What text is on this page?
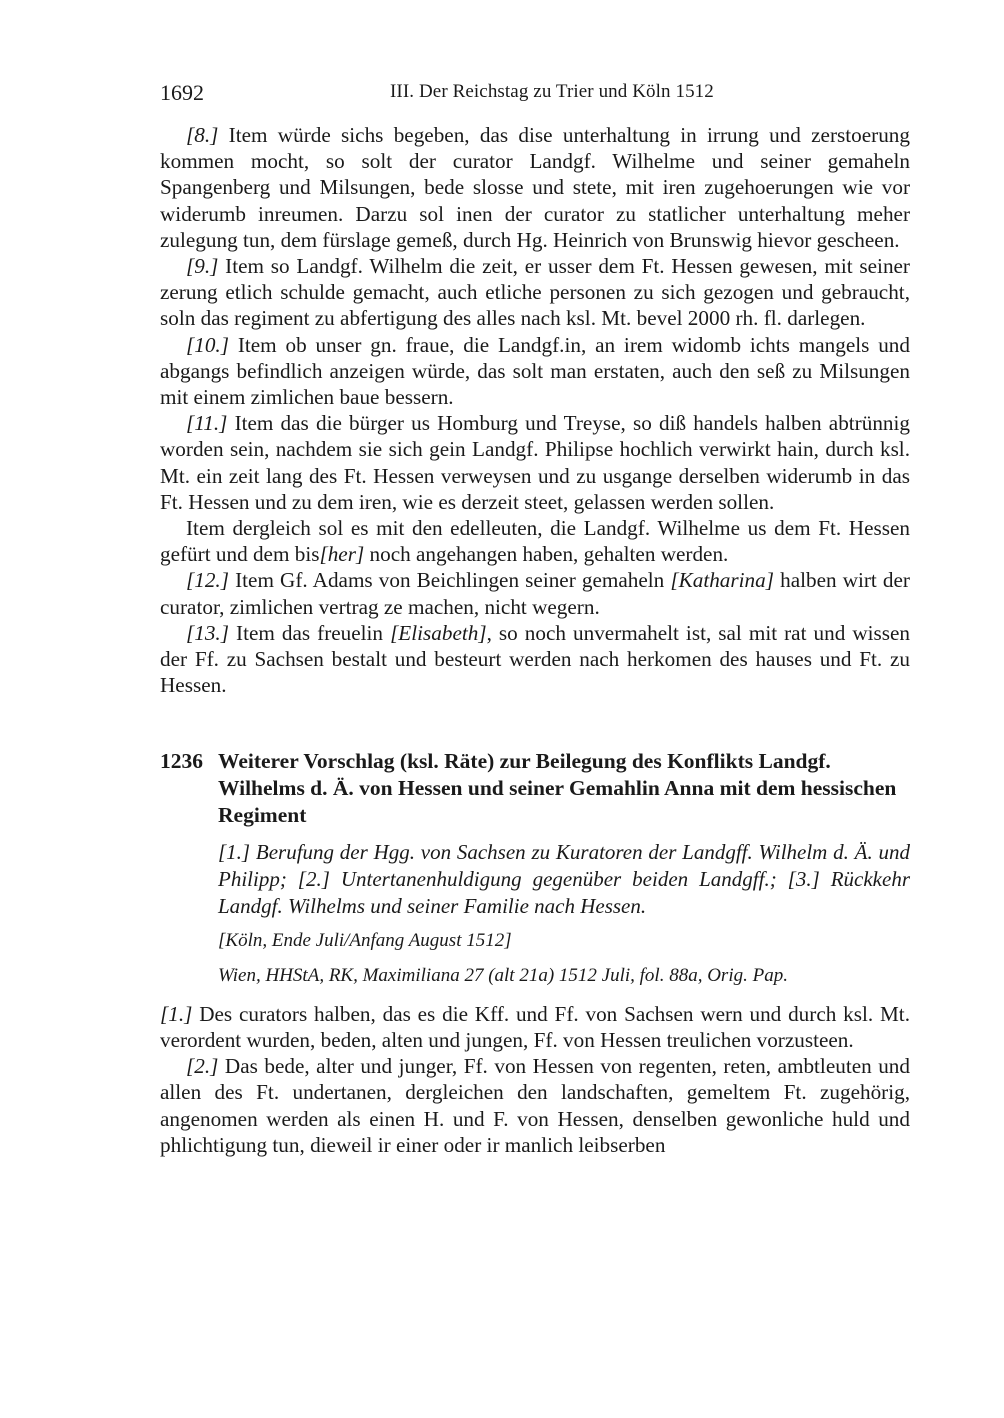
1692	III. Der Reichstag zu Trier und Köln 1512

[8.] Item würde sichs begeben, das dise unterhaltung in irrung und zerstoerung kommen mocht, so solt der curator Landgf. Wilhelme und seiner gemaheln Spangenberg und Milsungen, bede slosse und stete, mit iren zugehoerungen wie vor widerumb inreumen. Darzu sol inen der curator zu statlicher unterhaltung meher zulegung tun, dem fürslage gemeß, durch Hg. Heinrich von Brunswig hievor gescheen.

[9.] Item so Landgf. Wilhelm die zeit, er usser dem Ft. Hessen gewesen, mit seiner zerung etlich schulde gemacht, auch etliche personen zu sich gezogen und gebraucht, soln das regiment zu abfertigung des alles nach ksl. Mt. bevel 2000 rh. fl. darlegen.

[10.] Item ob unser gn. fraue, die Landgf.in, an irem widomb ichts mangels und abgangs befindlich anzeigen würde, das solt man erstaten, auch den seß zu Milsungen mit einem zimlichen baue bessern.

[11.] Item das die bürger us Homburg und Treyse, so diß handels halben abtrünnig worden sein, nachdem sie sich gein Landgf. Philipse hochlich verwirkt hain, durch ksl. Mt. ein zeit lang des Ft. Hessen verweysen und zu usgange derselben widerumb in das Ft. Hessen und zu dem iren, wie es derzeit steet, gelassen werden sollen.

Item dergleich sol es mit den edelleuten, die Landgf. Wilhelme us dem Ft. Hessen gefürt und dem bis[her] noch angehangen haben, gehalten werden.

[12.] Item Gf. Adams von Beichlingen seiner gemaheln [Katharina] halben wirt der curator, zimlichen vertrag ze machen, nicht wegern.

[13.] Item das freuelin [Elisabeth], so noch unvermahelt ist, sal mit rat und wissen der Ff. zu Sachsen bestalt und besteurt werden nach herkomen des hauses und Ft. zu Hessen.

1236 Weiterer Vorschlag (ksl. Räte) zur Beilegung des Konflikts Landgf. Wilhelms d. Ä. von Hessen und seiner Gemahlin Anna mit dem hessischen Regiment
[1.] Berufung der Hgg. von Sachsen zu Kuratoren der Landgff. Wilhelm d. Ä. und Philipp; [2.] Untertanenhuldigung gegenüber beiden Landgff.; [3.] Rückkehr Landgf. Wilhelms und seiner Familie nach Hessen.
[Köln, Ende Juli/Anfang August 1512]
Wien, HHStA, RK, Maximiliana 27 (alt 21a) 1512 Juli, fol. 88a, Orig. Pap.

[1.] Des curators halben, das es die Kff. und Ff. von Sachsen wern und durch ksl. Mt. verordent wurden, beden, alten und jungen, Ff. von Hessen treulichen vorzusteen.

[2.] Das bede, alter und junger, Ff. von Hessen von regenten, reten, ambtleuten und allen des Ft. undertanen, dergleichen den landschaften, gemeltem Ft. zugehörig, angenomen werden als einen H. und F. von Hessen, denselben gewonliche huld und phlichtigung tun, dieweil ir einer oder ir manlich leibserben
